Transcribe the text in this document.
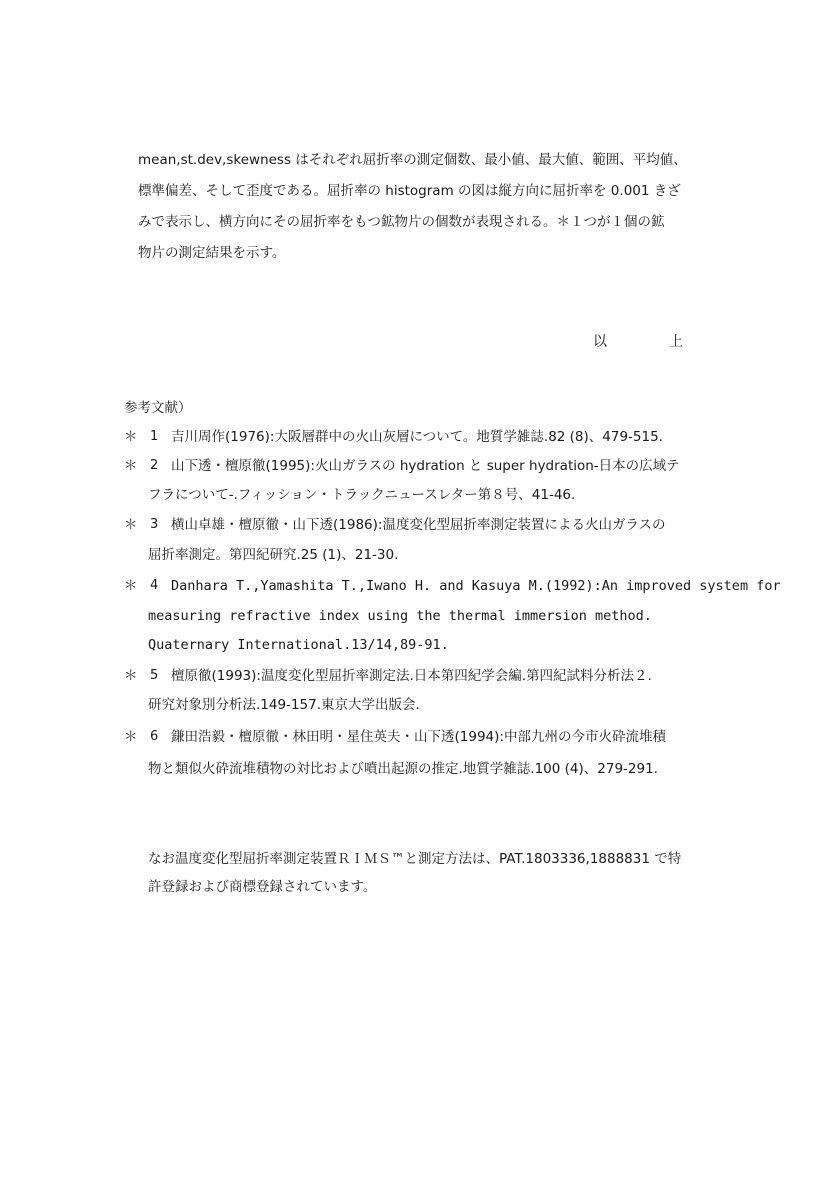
mean,st.dev,skewness はそれぞれ屈折率の測定個数、最小値、最大値、範囲、平均値、
標準偏差、そして歪度である。屈折率の histogram の図は縦方向に屈折率を 0.001 きざ
みで表示し、横方向にその屈折率をもつ鉱物片の個数が表現される。＊１つが１個の鉱
物片の測定結果を示す。
以　上
参考文献）
＊ 1 吉川周作(1976):大阪層群中の火山灰層について。地質学雑誌.82 (8)、479-515.
＊ 2 山下透・檀原徹(1995):火山ガラスの hydration と super hydration-日本の広域テ
フラについて-.フィッション・トラックニュースレター第８号、41-46.
＊ 3 横山卓雄・檀原徹・山下透(1986):温度変化型屈折率測定装置による火山ガラスの
屈折率測定。第四紀研究.25 (1)、21-30.
＊ 4 Danhara T.,Yamashita T.,Iwano H. and Kasuya M.(1992):An improved system for
measuring refractive index using the thermal immersion method.
Quaternary International.13/14,89-91.
＊ 5 檀原徹(1993):温度変化型屈折率測定法.日本第四紀学会編.第四紀試料分析法２.
研究対象別分析法.149-157.東京大学出版会.
＊ 6 鎌田浩毅・檀原徹・林田明・星住英夫・山下透(1994):中部九州の今市火砕流堆積
物と類似火砕流堆積物の対比および噴出起源の推定.地質学雑誌.100 (4)、279-291.
なお温度変化型屈折率測定装置ＲＩＭＳ™と測定方法は、PAT.1803336,1888831 で特
許登録および商標登録されています。
